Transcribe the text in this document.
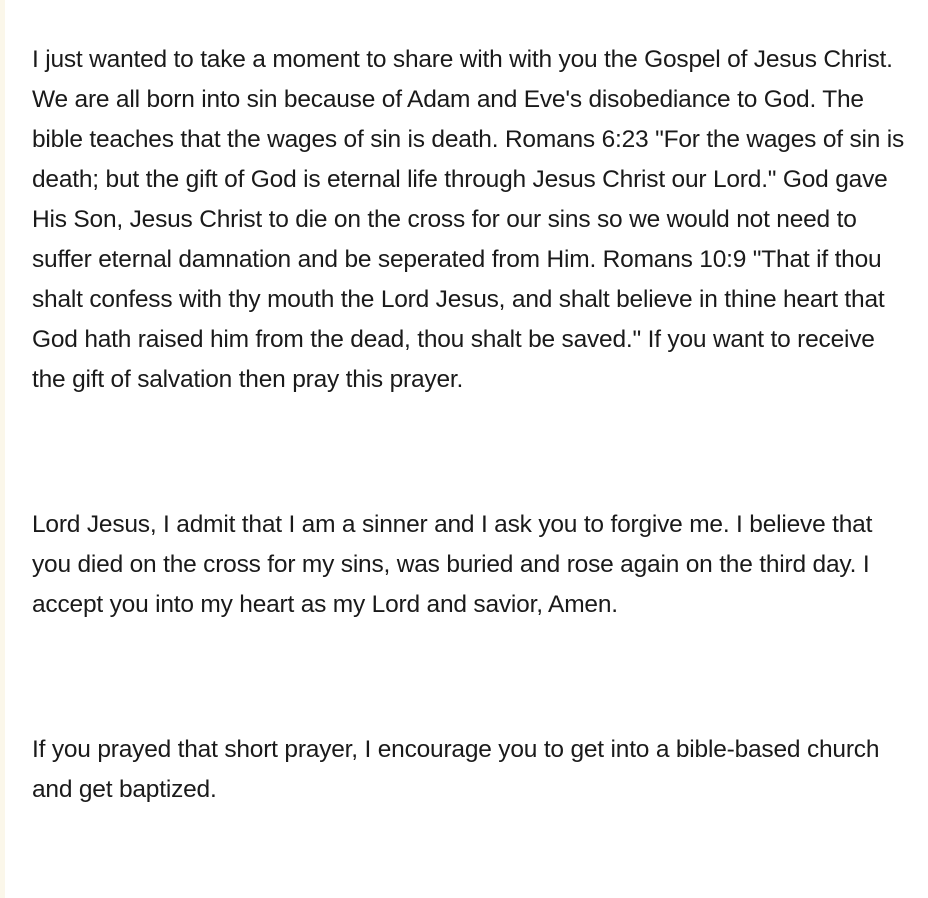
I just wanted to take a moment to share with with you the Gospel of Jesus Christ. We are all born into sin because of Adam and Eve's disobediance to God. The bible teaches that the wages of sin is death. Romans 6:23 "For the wages of sin is death; but the gift of God is eternal life through Jesus Christ our Lord." God gave His Son, Jesus Christ to die on the cross for our sins so we would not need to suffer eternal damnation and be seperated from Him. Romans 10:9 "That if thou shalt confess with thy mouth the Lord Jesus, and shalt believe in thine heart that God hath raised him from the dead, thou shalt be saved." If you want to receive the gift of salvation then pray this prayer.

Lord Jesus, I admit that I am a sinner and I ask you to forgive me. I believe that you died on the cross for my sins, was buried and rose again on the third day. I accept you into my heart as my Lord and savior, Amen.

If you prayed that short prayer, I encourage you to get into a bible-based church and get baptized.
